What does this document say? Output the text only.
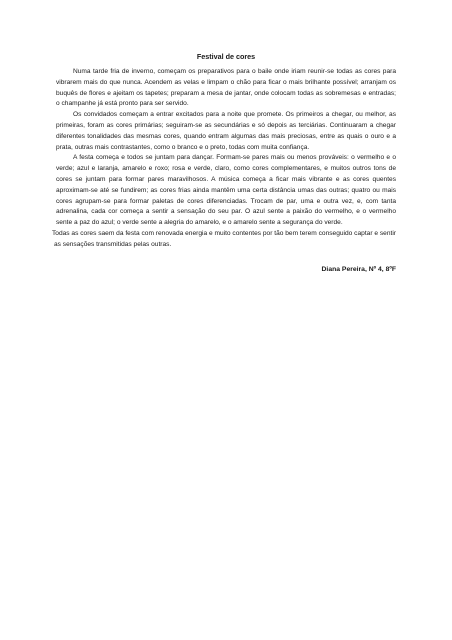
Festival de cores

Numa tarde fria de inverno, começam os preparativos para o baile onde iriam reunir-se todas as cores para vibrarem mais do que nunca. Acendem as velas e limpam o chão para ficar o mais brilhante possível; arranjam os buquês de flores e ajeitam os tapetes; preparam a mesa de jantar, onde colocam todas as sobremesas e entradas; o champanhe já está pronto para ser servido.

Os convidados começam a entrar excitados para a noite que promete. Os primeiros a chegar, ou melhor, as primeiras, foram as cores primárias; seguiram-se as secundárias e só depois as terciárias. Continuaram a chegar diferentes tonalidades das mesmas cores, quando entram algumas das mais preciosas, entre as quais o ouro e a prata, outras mais contrastantes, como o branco e o preto, todas com muita confiança.

A festa começa e todos se juntam para dançar. Formam-se pares mais ou menos prováveis: o vermelho e o verde; azul e laranja, amarelo e roxo; rosa e verde, claro, como cores complementares, e muitos outros tons de cores se juntam para formar pares maravilhosos. A música começa a ficar mais vibrante e as cores quentes aproximam-se até se fundirem; as cores frias ainda mantêm uma certa distância umas das outras; quatro ou mais cores agrupam-se para formar paletas de cores diferenciadas. Trocam de par, uma e outra vez, e, com tanta adrenalina, cada cor começa a sentir a sensação do seu par. O azul sente a paixão do vermelho, e o vermelho sente a paz do azul; o verde sente a alegria do amarelo, e o amarelo sente a segurança do verde.

Todas as cores saem da festa com renovada energia e muito contentes por tão bem terem conseguido captar e sentir as sensações transmitidas pelas outras.

Diana Pereira, Nº 4, 8ºF
